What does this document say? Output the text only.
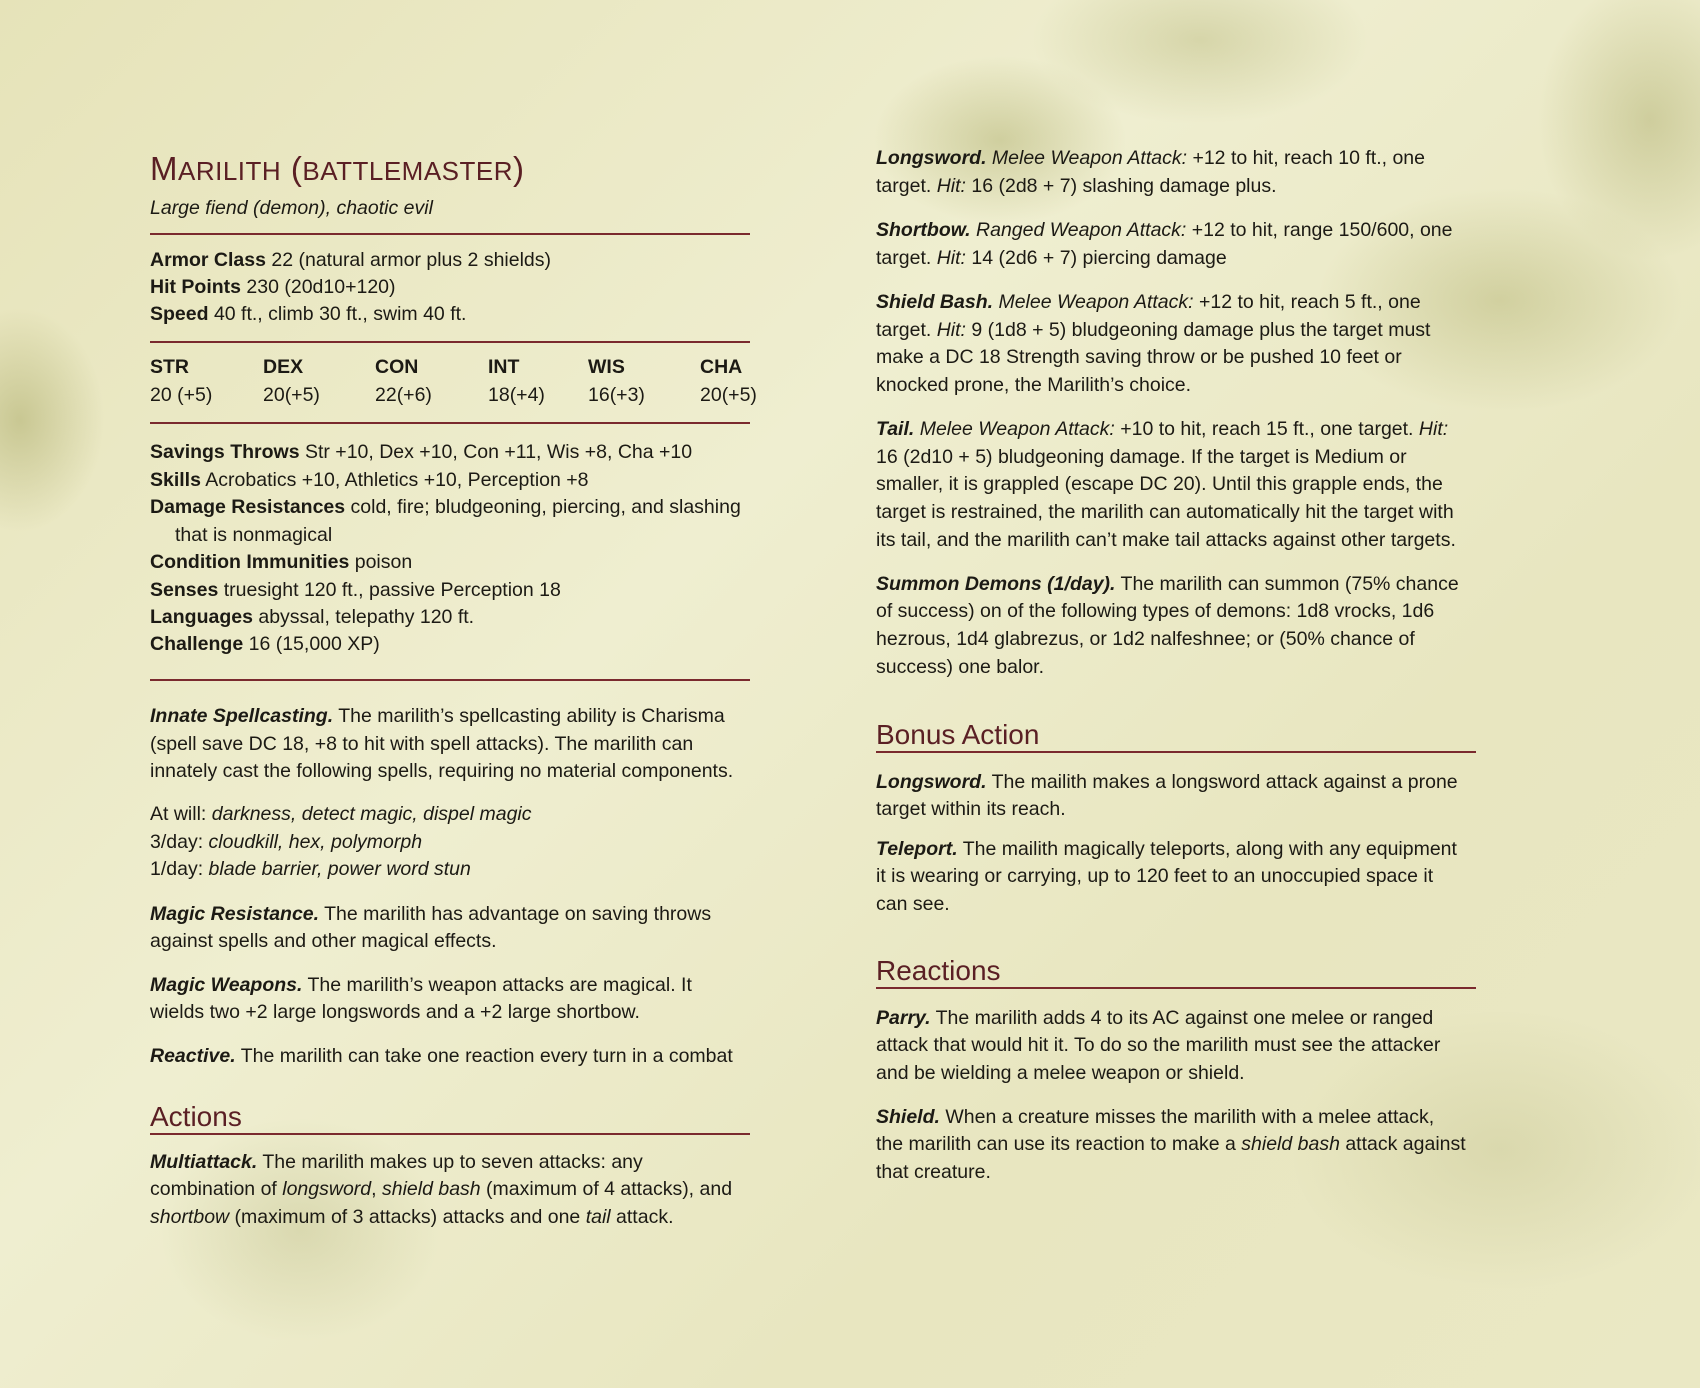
MARILITH (BATTLEMASTER)
Large fiend (demon), chaotic evil
Armor Class 22 (natural armor plus 2 shields)
Hit Points 230 (20d10+120)
Speed 40 ft., climb 30 ft., swim 40 ft.
STR
20 (+5)
DEX
20(+5)
CON
22(+6)
INT
18(+4)
WIS
16(+3)
CHA
20(+5)
Savings Throws Str +10, Dex +10, Con +11, Wis +8, Cha +10
Skills Acrobatics +10, Athletics +10, Perception +8
Damage Resistances cold, fire; bludgeoning, piercing, and slashing
that is nonmagical
Condition Immunities poison
Senses truesight 120 ft., passive Perception 18
Languages abyssal, telepathy 120 ft.
Challenge 16 (15,000 XP)
Innate Spellcasting. The marilith’s spellcasting ability is Charisma
(spell save DC 18, +8 to hit with spell attacks). The marilith can
innately cast the following spells, requiring no material components.
At will: darkness, detect magic, dispel magic
3/day: cloudkill, hex, polymorph
1/day: blade barrier, power word stun
Magic Resistance. The marilith has advantage on saving throws
against spells and other magical effects.
Magic Weapons. The marilith’s weapon attacks are magical. It
wields two +2 large longswords and a +2 large shortbow.
Reactive. The marilith can take one reaction every turn in a combat
Actions
Multiattack. The marilith makes up to seven attacks: any
combination of longsword, shield bash (maximum of 4 attacks), and
shortbow (maximum of 3 attacks) attacks and one tail attack.
Longsword. Melee Weapon Attack: +12 to hit, reach 10 ft., one
target. Hit: 16 (2d8 + 7) slashing damage plus.
Shortbow. Ranged Weapon Attack: +12 to hit, range 150/600, one
target. Hit: 14 (2d6 + 7) piercing damage
Shield Bash. Melee Weapon Attack: +12 to hit, reach 5 ft., one
target. Hit: 9 (1d8 + 5) bludgeoning damage plus the target must
make a DC 18 Strength saving throw or be pushed 10 feet or
knocked prone, the Marilith’s choice.
Tail. Melee Weapon Attack: +10 to hit, reach 15 ft., one target. Hit:
16 (2d10 + 5) bludgeoning damage. If the target is Medium or
smaller, it is grappled (escape DC 20). Until this grapple ends, the
target is restrained, the marilith can automatically hit the target with
its tail, and the marilith can’t make tail attacks against other targets.
Summon Demons (1/day). The marilith can summon (75% chance
of success) on of the following types of demons: 1d8 vrocks, 1d6
hezrous, 1d4 glabrezus, or 1d2 nalfeshnee; or (50% chance of
success) one balor.
Bonus Action
Longsword. The mailith makes a longsword attack against a prone
target within its reach.
Teleport. The mailith magically teleports, along with any equipment
it is wearing or carrying, up to 120 feet to an unoccupied space it
can see.
Reactions
Parry. The marilith adds 4 to its AC against one melee or ranged
attack that would hit it. To do so the marilith must see the attacker
and be wielding a melee weapon or shield.
Shield. When a creature misses the marilith with a melee attack,
the marilith can use its reaction to make a shield bash attack against
that creature.
